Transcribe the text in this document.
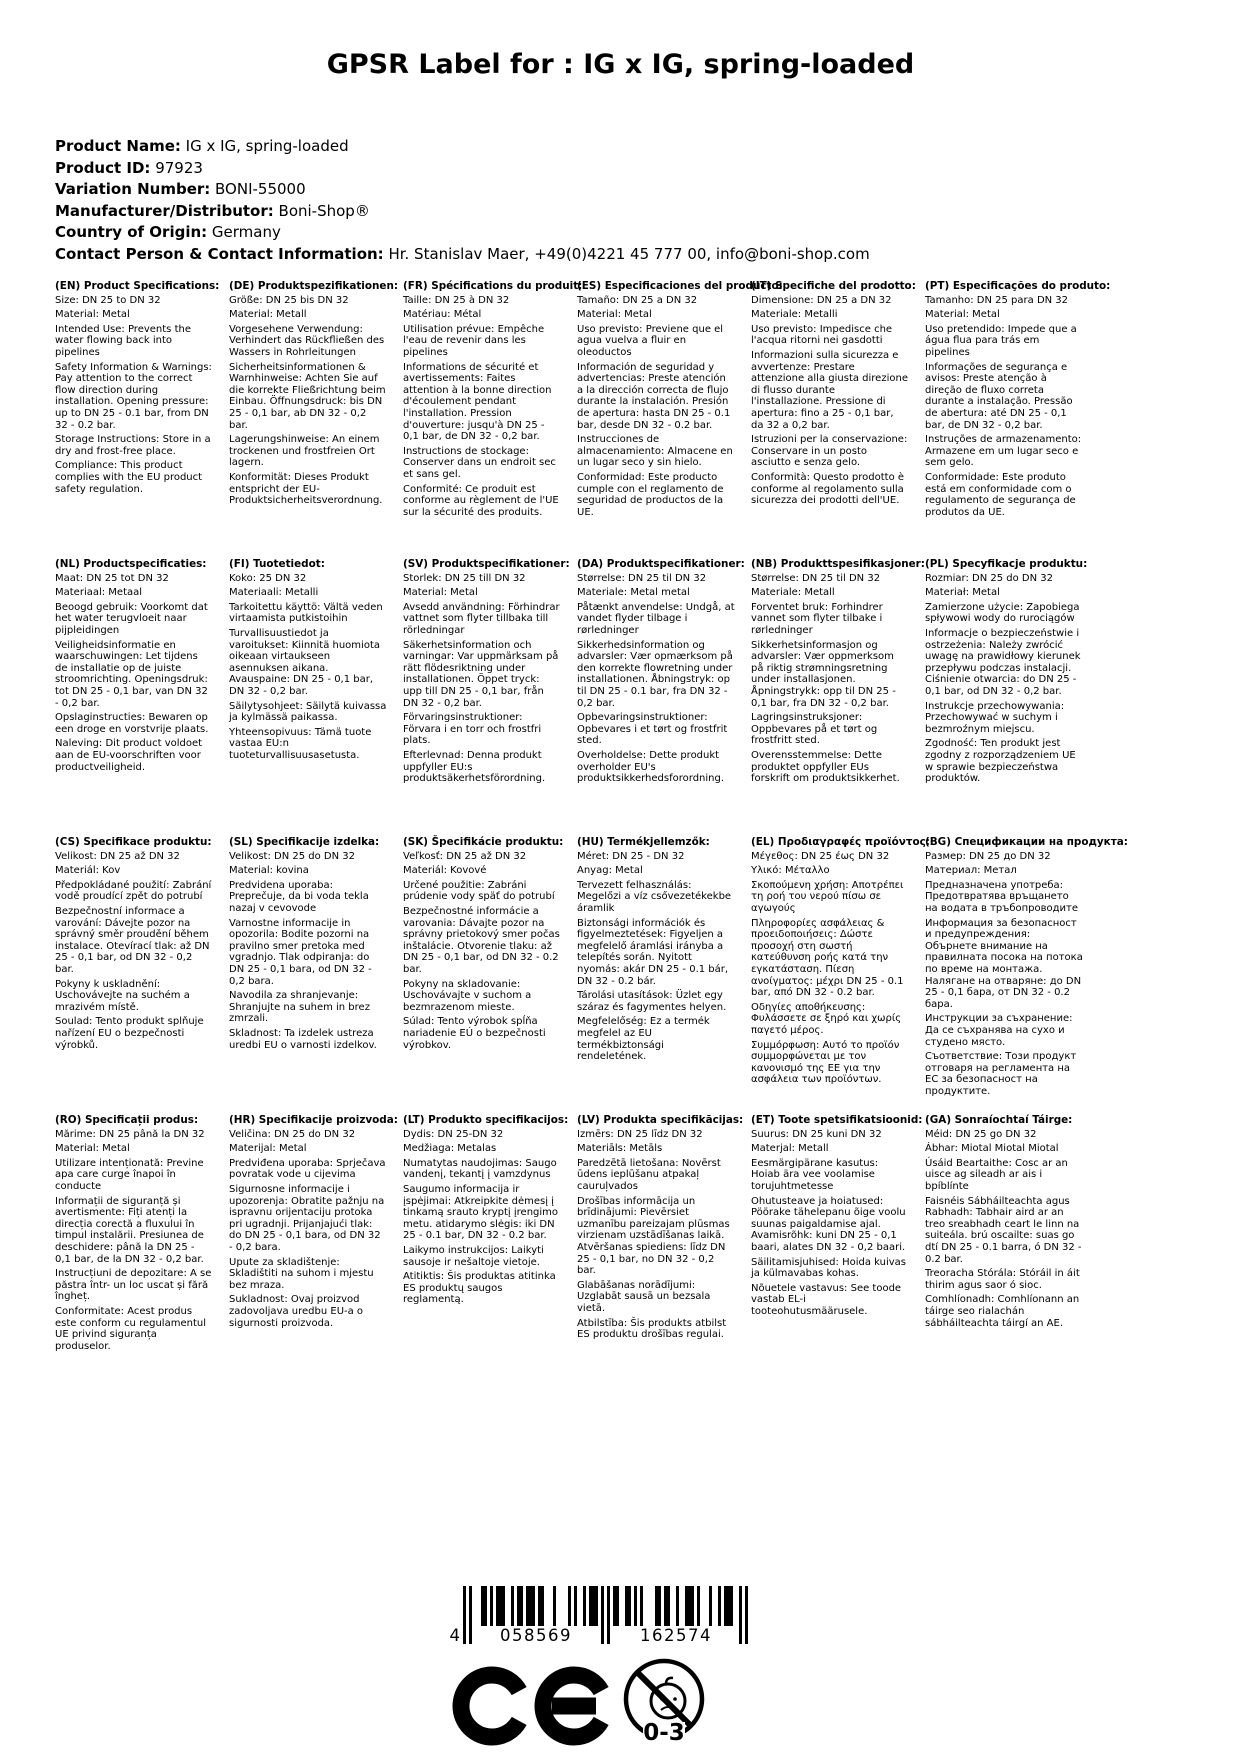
GPSR Label for : IG x IG, spring-loaded
Product Name: IG x IG, spring-loaded
Product ID: 97923
Variation Number: BONI-55000
Manufacturer/Distributor: Boni-Shop®
Country of Origin: Germany
Contact Person & Contact Information: Hr. Stanislav Maer, +49(0)4221 45 777 00, info@boni-shop.com
(EN) Product Specifications:

Size: DN 25 to DN 32

Material: Metal

Intended Use: Prevents the water flowing back into pipelines

Safety Information & Warnings: Pay attention to the correct flow direction during installation. Opening pressure: up to DN 25 - 0.1 bar, from DN 32 - 0.2 bar.

Storage Instructions: Store in a dry and frost-free place.

Compliance: This product complies with the EU product safety regulation.

(DE) Produktspezifikationen:

Größe: DN 25 bis DN 32

Material: Metall

Vorgesehene Verwendung: Verhindert das Rückfließen des Wassers in Rohrleitungen

Sicherheitsinformationen & Warnhinweise: Achten Sie auf die korrekte Fließrichtung beim Einbau. Öffnungsdruck: bis DN 25 - 0,1 bar, ab DN 32 - 0,2 bar.

Lagerungshinweise: An einem trockenen und frostfreien Ort lagern.

Konformität: Dieses Produkt entspricht der EU-Produktsicherheitsverordnung.

(FR) Spécifications du produit:

Taille: DN 25 à DN 32

Matériau: Métal

Utilisation prévue: Empêche l'eau de revenir dans les pipelines

Informations de sécurité et avertissements: Faites attention à la bonne direction d'écoulement pendant l'installation. Pression d'ouverture: jusqu'à DN 25 - 0,1 bar, de DN 32 - 0,2 bar.

Instructions de stockage: Conserver dans un endroit sec et sans gel.

Conformité: Ce produit est conforme au règlement de l'UE sur la sécurité des produits.

(ES) Especificaciones del producto:

Tamaño: DN 25 a DN 32

Material: Metal

Uso previsto: Previene que el agua vuelva a fluir en oleoductos

Información de seguridad y advertencias: Preste atención a la dirección correcta de flujo durante la instalación. Presión de apertura: hasta DN 25 - 0.1 bar, desde DN 32 - 0.2 bar.

Instrucciones de almacenamiento: Almacene en un lugar seco y sin hielo.

Conformidad: Este producto cumple con el reglamento de seguridad de productos de la UE.

(IT) Specifiche del prodotto:

Dimensione: DN 25 a DN 32

Materiale: Metalli

Uso previsto: Impedisce che l'acqua ritorni nei gasdotti

Informazioni sulla sicurezza e avvertenze: Prestare attenzione alla giusta direzione di flusso durante l'installazione. Pressione di apertura: fino a 25 - 0,1 bar, da 32 a 0,2 bar.

Istruzioni per la conservazione: Conservare in un posto asciutto e senza gelo.

Conformità: Questo prodotto è conforme al regolamento sulla sicurezza dei prodotti dell'UE.

(PT) Especificações do produto:

Tamanho: DN 25 para DN 32

Material: Metal

Uso pretendido: Impede que a água flua para trás em pipelines

Informações de segurança e avisos: Preste atenção à direção de fluxo correta durante a instalação. Pressão de abertura: até DN 25 - 0,1 bar, de DN 32 - 0,2 bar.

Instruções de armazenamento: Armazene em um lugar seco e sem gelo.

Conformidade: Este produto está em conformidade com o regulamento de segurança de produtos da UE.

(NL) Productspecificaties:

Maat: DN 25 tot DN 32

Materiaal: Metaal

Beoogd gebruik: Voorkomt dat het water terugvloeit naar pijpleidingen

Veiligheidsinformatie en waarschuwingen: Let tijdens de installatie op de juiste stroomrichting. Openingsdruk: tot DN 25 - 0,1 bar, van DN 32 - 0,2 bar.

Opslaginstructies: Bewaren op een droge en vorstvrije plaats.

Naleving: Dit product voldoet aan de EU-voorschriften voor productveiligheid.

(FI) Tuotetiedot:

Koko: 25 DN 32

Materiaali: Metalli

Tarkoitettu käyttö: Vältä veden virtaamista putkistoihin

Turvallisuustiedot ja varoitukset: Kiinnitä huomiota oikeaan virtaukseen asennuksen aikana. Avauspaine: DN 25 - 0,1 bar, DN 32 - 0,2 bar.

Säilytysohjeet: Säilytä kuivassa ja kylmässä paikassa.

Yhteensopivuus: Tämä tuote vastaa EU:n tuoteturvallisuusasetusta.

(SV) Produktspecifikationer:

Storlek: DN 25 till DN 32

Material: Metal

Avsedd användning: Förhindrar vattnet som flyter tillbaka till rörledningar

Säkerhetsinformation och varningar: Var uppmärksam på rätt flödesriktning under installationen. Öppet tryck: upp till DN 25 - 0,1 bar, från DN 32 - 0,2 bar.

Förvaringsinstruktioner: Förvara i en torr och frostfri plats.

Efterlevnad: Denna produkt uppfyller EU:s produktsäkerhetsförordning.

(DA) Produktspecifikationer:

Størrelse: DN 25 til DN 32

Materiale: Metal metal

Påtænkt anvendelse: Undgå, at vandet flyder tilbage i rørledninger

Sikkerhedsinformation og advarsler: Vær opmærksom på den korrekte flowretning under installationen. Åbningstryk: op til DN 25 - 0.1 bar, fra DN 32 - 0,2 bar.

Opbevaringsinstruktioner: Opbevares i et tørt og frostfrit sted.

Overholdelse: Dette produkt overholder EU's produktsikkerhedsforordning.

(NB) Produkttspesifikasjoner:

Størrelse: DN 25 til DN 32

Materiale: Metall

Forventet bruk: Forhindrer vannet som flyter tilbake i rørledninger

Sikkerhetsinformasjon og advarsler: Vær oppmerksom på riktig strømningsretning under installasjonen. Åpningstrykk: opp til DN 25 - 0,1 bar, fra DN 32 - 0,2 bar.

Lagringsinstruksjoner: Oppbevares på et tørt og frostfritt sted.

Overensstemmelse: Dette produktet oppfyller EUs forskrift om produktsikkerhet.

(PL) Specyfikacje produktu:

Rozmiar: DN 25 do DN 32

Materiał: Metal

Zamierzone użycie: Zapobiega spływowi wody do rurociągów

Informacje o bezpieczeństwie i ostrzeżenia: Należy zwrócić uwagę na prawidłowy kierunek przepływu podczas instalacji. Ciśnienie otwarcia: do DN 25 - 0,1 bar, od DN 32 - 0,2 bar.

Instrukcje przechowywania: Przechowywać w suchym i bezmroźnym miejscu.

Zgodność: Ten produkt jest zgodny z rozporządzeniem UE w sprawie bezpieczeństwa produktów.

(CS) Specifikace produktu:

Velikost: DN 25 až DN 32

Materiál: Kov

Předpokládané použití: Zabrání vodě proudící zpět do potrubí

Bezpečnostní informace a varování: Dávejte pozor na správný směr proudění během instalace. Otevírací tlak: až DN 25 - 0,1 bar, od DN 32 - 0,2 bar.

Pokyny k uskladnění: Uschovávejte na suchém a mrazivém místě.

Soulad: Tento produkt splňuje nařízení EU o bezpečnosti výrobků.

(SL) Specifikacije izdelka:

Velikost: DN 25 do DN 32

Material: kovina

Predvidena uporaba: Preprečuje, da bi voda tekla nazaj v cevovode

Varnostne informacije in opozorila: Bodite pozorni na pravilno smer pretoka med vgradnjo. Tlak odpiranja: do DN 25 - 0,1 bara, od DN 32 - 0,2 bara.

Navodila za shranjevanje: Shranjujte na suhem in brez zmrzali.

Skladnost: Ta izdelek ustreza uredbi EU o varnosti izdelkov.

(SK) Špecifikácie produktu:

Veľkosť: DN 25 až DN 32

Materiál: Kovové

Určené použitie: Zabráni prúdenie vody späť do potrubí

Bezpečnostné informácie a varovania: Dávajte pozor na správny prietokový smer počas inštalácie. Otvorenie tlaku: až DN 25 - 0,1 bar, od DN 32 - 0.2 bar.

Pokyny na skladovanie: Uschovávajte v suchom a bezmrazenom mieste.

Súlad: Tento výrobok spĺňa nariadenie EÚ o bezpečnosti výrobkov.

(HU) Termékjellemzők:

Méret: DN 25 - DN 32

Anyag: Metal

Tervezett felhasználás: Megelőzi a víz csővezetékekbe áramlik

Biztonsági információk és figyelmeztetések: Figyeljen a megfelelő áramlási irányba a telepítés során. Nyitott nyomás: akár DN 25 - 0.1 bár, DN 32 - 0.2 bár.

Tárolási utasítások: Üzlet egy száraz és fagymentes helyen.

Megfelelőség: Ez a termék megfelel az EU termékbiztonsági rendeletének.

(EL) Προδιαγραφές προϊόντος:

Μέγεθος: DN 25 έως DN 32

Υλικό: Μέταλλο

Σκοπούμενη χρήση: Αποτρέπει τη ροή του νερού πίσω σε αγωγούς

Πληροφορίες ασφάλειας & προειδοποιήσεις: Δώστε προσοχή στη σωστή κατεύθυνση ροής κατά την εγκατάσταση. Πίεση ανοίγματος: μέχρι DN 25 - 0.1 bar, από DN 32 - 0.2 bar.

Οδηγίες αποθήκευσης: Φυλάσσετε σε ξηρό και χωρίς παγετό μέρος.

Συμμόρφωση: Αυτό το προϊόν συμμορφώνεται με τον κανονισμό της ΕΕ για την ασφάλεια των προϊόντων.

(BG) Спецификации на продукта:

Размер: DN 25 до DN 32

Материал: Метал

Предназначена употреба: Предотвратява връщането на водата в тръбопроводите

Информация за безопасност и предупреждения: Обърнете внимание на правилната посока на потока по време на монтажа. Налягане на отваряне: до DN 25 - 0,1 бара, от DN 32 - 0.2 бара.

Инструкции за съхранение: Да се съхранява на сухо и студено място.

Съответствие: Този продукт отговаря на регламента на ЕС за безопасност на продуктите.

(RO) Specificații produs:

Mărime: DN 25 până la DN 32

Material: Metal

Utilizare intenționată: Previne apa care curge înapoi în conducte

Informații de siguranță și avertismente: Fiți atenți la direcția corectă a fluxului în timpul instalării. Presiunea de deschidere: până la DN 25 - 0,1 bar, de la DN 32 - 0,2 bar.

Instrucțiuni de depozitare: A se păstra într- un loc uscat și fără îngheț.

Conformitate: Acest produs este conform cu regulamentul UE privind siguranța produselor.

(HR) Specifikacije proizvoda:

Veličina: DN 25 do DN 32

Materijal: Metal

Predviđena uporaba: Sprječava povratak vode u cijevima

Sigurnosne informacije i upozorenja: Obratite pažnju na ispravnu orijentaciju protoka pri ugradnji. Prijanjajući tlak: do DN 25 - 0,1 bara, od DN 32 - 0,2 bara.

Upute za skladištenje: Skladištiti na suhom i mjestu bez mraza.

Sukladnost: Ovaj proizvod zadovoljava uredbu EU-a o sigurnosti proizvoda.

(LT) Produkto specifikacijos:

Dydis: DN 25-DN 32

Medžiaga: Metalas

Numatytas naudojimas: Saugo vandenį, tekantį į vamzdynus

Saugumo informacija ir įspėjimai: Atkreipkite dėmesį į tinkamą srauto kryptį įrengimo metu. atidarymo slėgis: iki DN 25 - 0.1 bar, DN 32 - 0.2 bar.

Laikymo instrukcijos: Laikyti sausoje ir nešaltoje vietoje.

Atitiktis: Šis produktas atitinka ES produktų saugos reglamentą.

(LV) Produkta specifikācijas:

Izmērs: DN 25 līdz DN 32

Materiāls: Metāls

Paredzētā lietošana: Novērst ūdens ieplūšanu atpakaļ cauruļvados

Drošības informācija un brīdinājumi: Pievērsiet uzmanību pareizajam plūsmas virzienam uzstādīšanas laikā. Atvēršanas spiediens: līdz DN 25 - 0,1 bar, no DN 32 - 0,2 bar.

Glabāšanas norādījumi: Uzglabāt sausā un bezsala vietā.

Atbilstība: Šis produkts atbilst ES produktu drošības regulai.

(ET) Toote spetsifikatsioonid:

Suurus: DN 25 kuni DN 32

Materjal: Metall

Eesmärgipärane kasutus: Hoiab ära vee voolamise torujuhtmetesse

Ohutusteave ja hoiatused: Pöörake tähelepanu õige voolu suunas paigaldamise ajal. Avamisrõhk: kuni DN 25 - 0,1 baari, alates DN 32 - 0,2 baari.

Säilitamisjuhised: Hoida kuivas ja külmavabas kohas.

Nõuetele vastavus: See toode vastab EL-i tooteohutusmäärusele.

(GA) Sonraíochtaí Táirge:

Méid: DN 25 go DN 32

Ábhar: Miotal Miotal Miotal

Úsáid Beartaithe: Cosc ar an uisce ag sileadh ar ais i bpíblínte

Faisnéis Sábháilteachta agus Rabhadh: Tabhair aird ar an treo sreabhadh ceart le linn na suiteála. brú oscailte: suas go dtí DN 25 - 0.1 barra, ó DN 32 - 0.2 bar.

Treoracha Stórála: Stóráil in áit thirim agus saor ó sioc.

Comhlíonadh: Comhlíonann an táirge seo rialachán sábháilteachta táirgí an AE.

4	058569	162574
0-3
